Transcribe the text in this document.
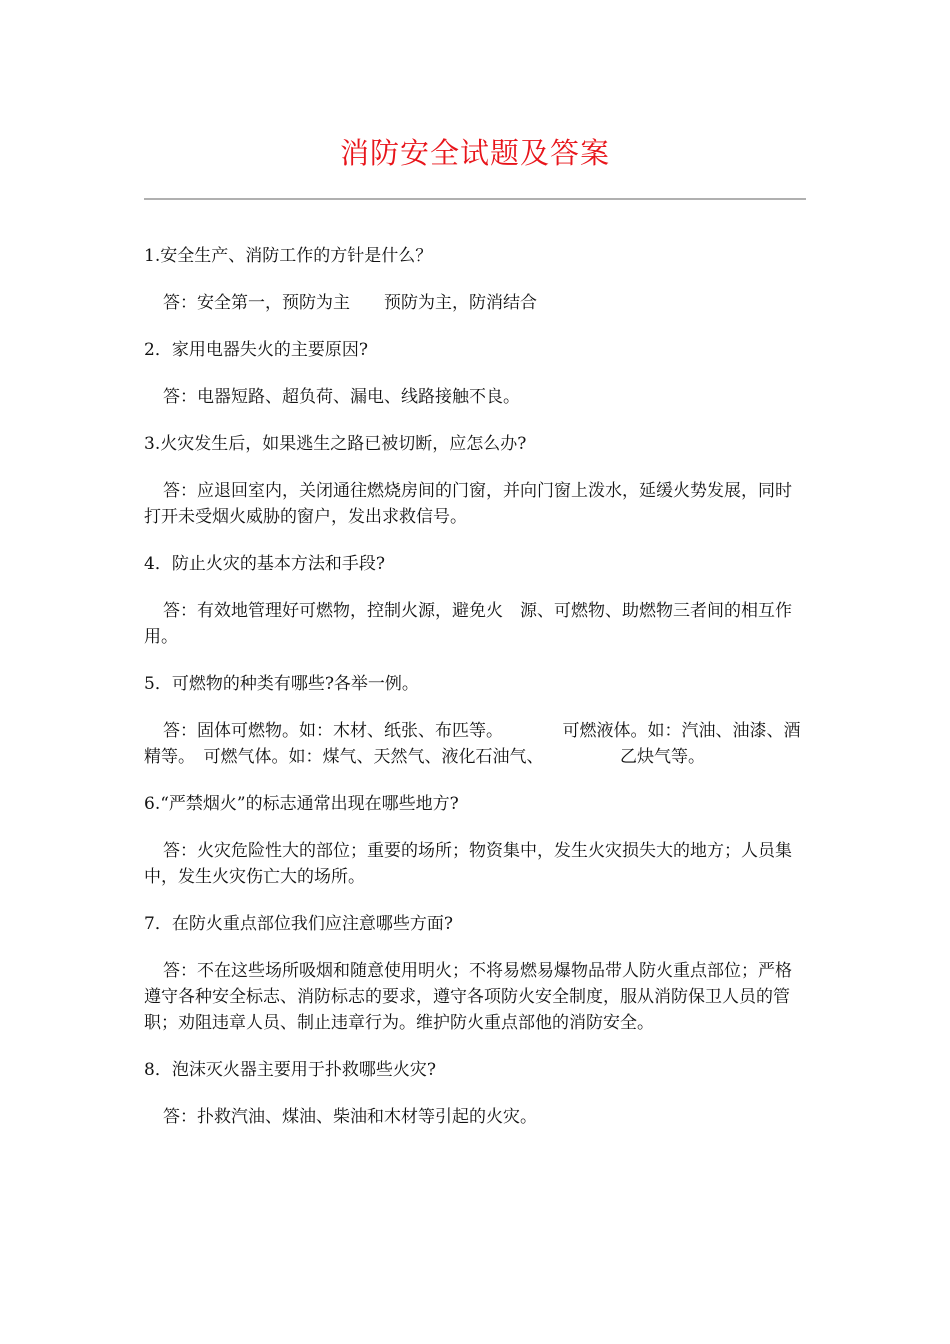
消防安全试题及答案

1.安全生产、消防工作的方针是什么？

答：安全第一，预防为主　　预防为主，防消结合

2．家用电器失火的主要原因?

答：电器短路、超负荷、漏电、线路接触不良。

3.火灾发生后，如果逃生之路已被切断，应怎么办?

答：应退回室内，关闭通往燃烧房间的门窗，并向门窗上泼水，延缓火势发展，同时打开未受烟火威胁的窗户，发出求救信号。

4．防止火灾的基本方法和手段?

答：有效地管理好可燃物，控制火源，避免火　源、可燃物、助燃物三者间的相互作用。

5．可燃物的种类有哪些?各举一例。

答：固体可燃物。如：木材、纸张、布匹等。　　　　可燃液体。如：汽油、油漆、酒精等。　可燃气体。如：煤气、天然气、液化石油气、　　　　　乙炔气等。

6.“严禁烟火”的标志通常出现在哪些地方?

答：火灾危险性大的部位；重要的场所；物资集中，发生火灾损失大的地方；人员集中，发生火灾伤亡大的场所。

7．在防火重点部位我们应注意哪些方面?

答：不在这些场所吸烟和随意使用明火；不将易燃易爆物品带人防火重点部位；严格遵守各种安全标志、消防标志的要求，遵守各项防火安全制度，服从消防保卫人员的管职；劝阻违章人员、制止违章行为。维护防火重点部他的消防安全。

8．泡沫灭火器主要用于扑救哪些火灾?

答：扑救汽油、煤油、柴油和木材等引起的火灾。
